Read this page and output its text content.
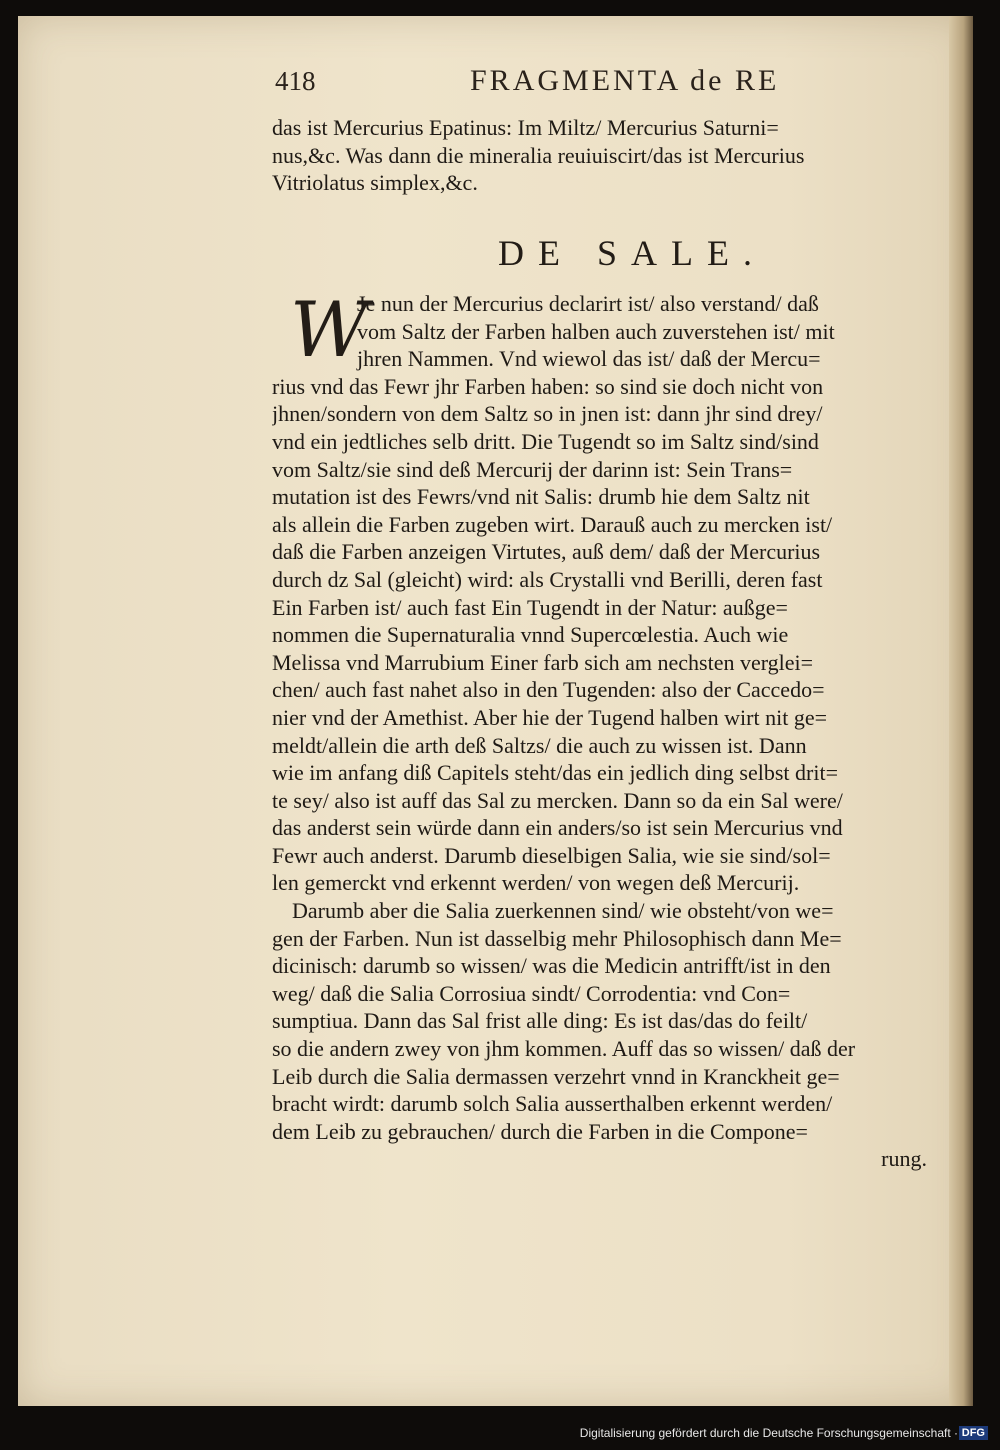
418	FRAGMENTA de RE
das ist Mercurius Epatinus: Im Miltz/ Mercurius Saturni=
nus,&c. Was dann die mineralia reuiuiscirt/das ist Mercurius
Vitriolatus simplex,&c.
DE SALE.
W
Je nun der Mercurius declarirt ist/ also verstand/ daß
vom Saltz der Farben halben auch zuverstehen ist/ mit
jhren Nammen. Vnd wiewol das ist/ daß der Mercu=
rius vnd das Fewr jhr Farben haben: so sind sie doch nicht von
jhnen/sondern von dem Saltz so in jnen ist: dann jhr sind drey/
vnd ein jedtliches selb dritt. Die Tugendt so im Saltz sind/sind
vom Saltz/sie sind deß Mercurij der darinn ist: Sein Trans=
mutation ist des Fewrs/vnd nit Salis: drumb hie dem Saltz nit
als allein die Farben zugeben wirt. Darauß auch zu mercken ist/
daß die Farben anzeigen Virtutes, auß dem/ daß der Mercurius
durch dz Sal (gleicht) wird: als Crystalli vnd Berilli, deren fast
Ein Farben ist/ auch fast Ein Tugendt in der Natur: außge=
nommen die Supernaturalia vnnd Supercœlestia. Auch wie
Melissa vnd Marrubium Einer farb sich am nechsten verglei=
chen/ auch fast nahet also in den Tugenden: also der Caccedo=
nier vnd der Amethist. Aber hie der Tugend halben wirt nit ge=
meldt/allein die arth deß Saltzs/ die auch zu wissen ist. Dann
wie im anfang diß Capitels steht/das ein jedlich ding selbst drit=
te sey/ also ist auff das Sal zu mercken. Dann so da ein Sal were/
das anderst sein würde dann ein anders/so ist sein Mercurius vnd
Fewr auch anderst. Darumb dieselbigen Salia, wie sie sind/sol=
len gemerckt vnd erkennt werden/ von wegen deß Mercurij.
Darumb aber die Salia zuerkennen sind/ wie obsteht/von we=
gen der Farben. Nun ist dasselbig mehr Philosophisch dann Me=
dicinisch: darumb so wissen/ was die Medicin antrifft/ist in den
weg/ daß die Salia Corrosiua sindt/ Corrodentia: vnd Con=
sumptiua. Dann das Sal frist alle ding: Es ist das/das do feilt/
so die andern zwey von jhm kommen. Auff das so wissen/ daß der
Leib durch die Salia dermassen verzehrt vnnd in Kranckheit ge=
bracht wirdt: darumb solch Salia ausserthalben erkennt werden/
dem Leib zu gebrauchen/ durch die Farben in die Compone=
rung.
Digitalisierung gefördert durch die Deutsche Forschungsgemeinschaft · DFG
